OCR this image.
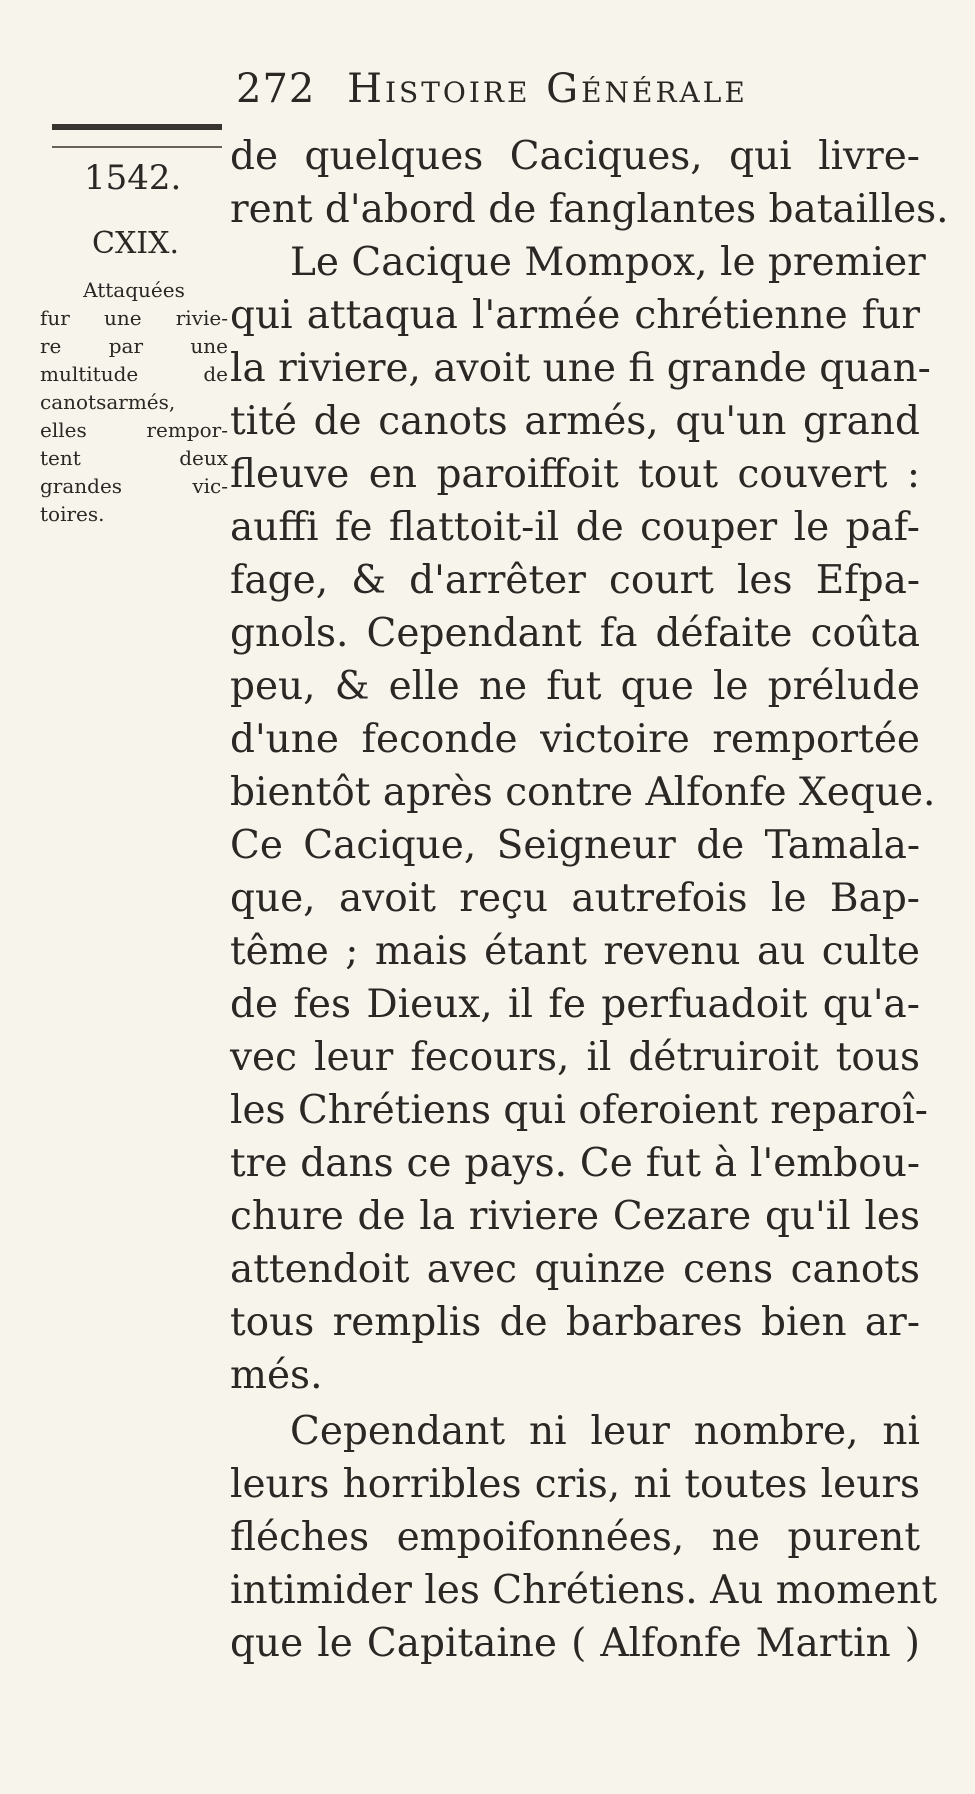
272 Histoire Générale
1542.
CXIX.
Attaquées
fur une rivie-
re par une
multitude de
canotsarmés,
elles rempor-
tent deux
grandes vic-
toires.
de quelques Caciques, qui livre-
rent d'abord de fanglantes batailles.
Le Cacique Mompox, le premier
qui attaqua l'armée chrétienne fur
la riviere, avoit une fi grande quan-
tité de canots armés, qu'un grand
fleuve en paroiffoit tout couvert :
auffi fe flattoit-il de couper le paf-
fage, & d'arrêter court les Efpa-
gnols. Cependant fa défaite coûta
peu, & elle ne fut que le prélude
d'une feconde victoire remportée
bientôt après contre Alfonfe Xeque.
Ce Cacique, Seigneur de Tamala-
que, avoit reçu autrefois le Bap-
tême ; mais étant revenu au culte
de fes Dieux, il fe perfuadoit qu'a-
vec leur fecours, il détruiroit tous
les Chrétiens qui oferoient reparoî-
tre dans ce pays. Ce fut à l'embou-
chure de la riviere Cezare qu'il les
attendoit avec quinze cens canots
tous remplis de barbares bien ar-
més.
Cependant ni leur nombre, ni
leurs horribles cris, ni toutes leurs
fléches empoifonnées, ne purent
intimider les Chrétiens. Au moment
que le Capitaine ( Alfonfe Martin )
